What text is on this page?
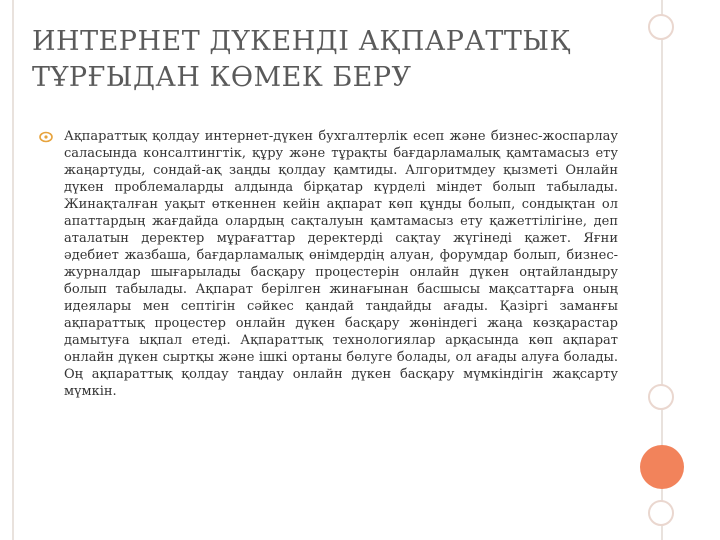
ИНТЕРНЕТ ДҮКЕНДІ АҚПАРАТТЫҚ
ТҰРҒЫДАН КӨМЕК БЕРУ

Ақпараттық қолдау интернет-дүкен бухгалтерлік есеп және бизнес-жоспарлау саласында консалтингтік, құру және тұрақты бағдарламалық қамтамасыз ету жаңартуды, сондай-ақ заңды қолдау қамтиды. Алгоритмдеу қызметі Онлайн дүкен проблемаларды алдында бірқатар күрделі міндет болып табылады. Жинақталған уақыт өткеннен кейін ақпарат көп құнды болып, сондықтан ол апаттардың жағдайда олардың сақталуын қамтамасыз ету қажеттілігіне, деп аталатын деректер мұрағаттар деректерді сақтау жүгінеді қажет. Яғни әдебиет жазбаша, бағдарламалық өнімдердің алуан, форумдар болып, бизнес-журналдар шығарылады басқару процестерін онлайн дүкен оңтайландыру болып табылады. Ақпарат берілген жинағынан басшысы мақсаттарға оның идеялары мен септігін сәйкес қандай таңдайды ағады. Қазіргі заманғы ақпараттық процестер онлайн дүкен басқару жөніндегі жаңа көзқарастар дамытуға ықпал етеді. Ақпараттық технологиялар арқасында көп ақпарат онлайн дүкен сыртқы және ішкі ортаны бөлуге болады, ол ағады алуға болады. Оң ақпараттық қолдау таңдау онлайн дүкен басқару мүмкіндігін жақсарту мүмкін.
